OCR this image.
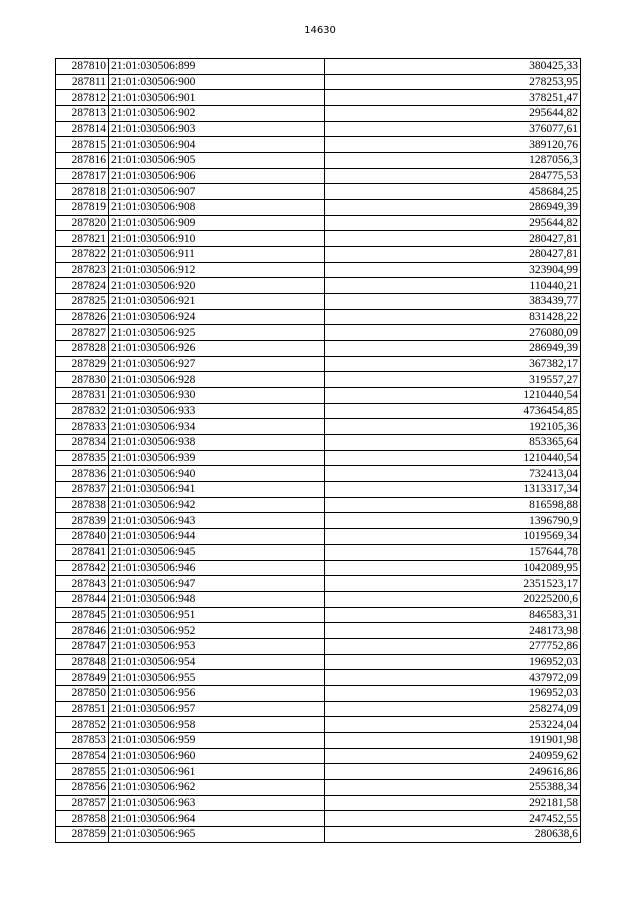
14630
287810	21:01:030506:899	380425,33
287811	21:01:030506:900	278253,95
287812	21:01:030506:901	378251,47
287813	21:01:030506:902	295644,82
287814	21:01:030506:903	376077,61
287815	21:01:030506:904	389120,76
287816	21:01:030506:905	1287056,3
287817	21:01:030506:906	284775,53
287818	21:01:030506:907	458684,25
287819	21:01:030506:908	286949,39
287820	21:01:030506:909	295644,82
287821	21:01:030506:910	280427,81
287822	21:01:030506:911	280427,81
287823	21:01:030506:912	323904,99
287824	21:01:030506:920	110440,21
287825	21:01:030506:921	383439,77
287826	21:01:030506:924	831428,22
287827	21:01:030506:925	276080,09
287828	21:01:030506:926	286949,39
287829	21:01:030506:927	367382,17
287830	21:01:030506:928	319557,27
287831	21:01:030506:930	1210440,54
287832	21:01:030506:933	4736454,85
287833	21:01:030506:934	192105,36
287834	21:01:030506:938	853365,64
287835	21:01:030506:939	1210440,54
287836	21:01:030506:940	732413,04
287837	21:01:030506:941	1313317,34
287838	21:01:030506:942	816598,88
287839	21:01:030506:943	1396790,9
287840	21:01:030506:944	1019569,34
287841	21:01:030506:945	157644,78
287842	21:01:030506:946	1042089,95
287843	21:01:030506:947	2351523,17
287844	21:01:030506:948	20225200,6
287845	21:01:030506:951	846583,31
287846	21:01:030506:952	248173,98
287847	21:01:030506:953	277752,86
287848	21:01:030506:954	196952,03
287849	21:01:030506:955	437972,09
287850	21:01:030506:956	196952,03
287851	21:01:030506:957	258274,09
287852	21:01:030506:958	253224,04
287853	21:01:030506:959	191901,98
287854	21:01:030506:960	240959,62
287855	21:01:030506:961	249616,86
287856	21:01:030506:962	255388,34
287857	21:01:030506:963	292181,58
287858	21:01:030506:964	247452,55
287859	21:01:030506:965	280638,6
